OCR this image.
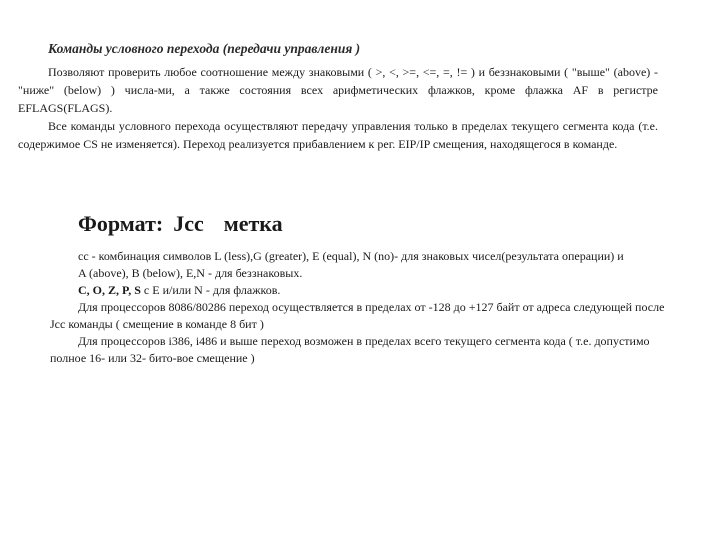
Команды условного перехода (передачи управления )

Позволяют проверить любое соотношение между знаковыми ( >, <, >=, <=, =, != ) и беззнаковыми ( "выше" (above) - "ниже" (below) ) числа-ми, а также состояния всех арифметических флажков, кроме флажка AF в регистре EFLAGS(FLAGS).

Все команды условного перехода осуществляют передачу управления только в пределах текущего сегмента кода (т.е. содержимое CS не изменяется). Переход реализуется прибавлением к рег. EIP/IP смещения, находящегося в команде.

Формат: Jcc метка

cc - комбинация символов L (less),G (greater), E (equal), N (no)- для знаковых чисел(результата операции) и

A (above), B (below), E,N - для беззнаковых.

C, O, Z, P, S с E и/или N - для флажков.

Для процессоров 8086/80286 переход осуществляется в пределах от -128 до +127 байт от адреса следующей после Jcc команды ( смещение в команде 8 бит )

Для процессоров i386, i486 и выше переход возможен в пределах всего текущего сегмента кода ( т.е. допустимо полное 16- или 32- бито-вое смещение )
